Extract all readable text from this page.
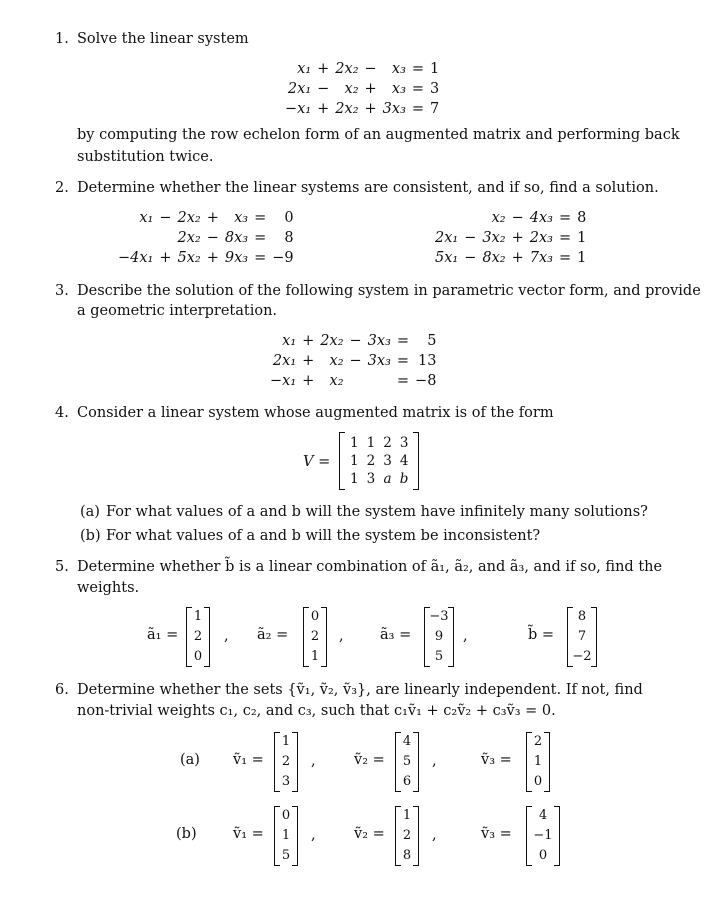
1. Solve the linear system
x₁	+	2x₂	−	x₃	=	1
2x₁	−	x₂	+	x₃	=	3
−x₁	+	2x₂	+	3x₃	=	7
by computing the row echelon form of an augmented matrix and performing back
substitution twice.
2. Determine whether the linear systems are consistent, and if so, find a solution.
x₁	−	2x₂	+	x₃	=	0
		2x₂	−	8x₃	=	8
−4x₁	+	5x₂	+	9x₃	=	−9
		x₂	−	4x₃	=	8
2x₁	−	3x₂	+	2x₃	=	1
5x₁	−	8x₂	+	7x₃	=	1
3. Describe the solution of the following system in parametric vector form, and provide
a geometric interpretation.
x₁	+	2x₂	−	3x₃	=	5
2x₁	+	x₂	−	3x₃	=	13
−x₁	+	x₂			=	−8
4. Consider a linear system whose augmented matrix is of the form
V =
1	1	2	3
1	2	3	4
1	3	a	b
(a) For what values of a and b will the system have infinitely many solutions?
(b) For what values of a and b will the system be inconsistent?
5. Determine whether b̃ is a linear combination of ã₁, ã₂, and ã₃, and if so, find the
weights.
ã₁ =
1
2
0
, ã₂ =
0
2
1
,	ã₃ =
−3
9
5
,	b̃ =
8
7
−2
6. Determine whether the sets {ṽ₁, ṽ₂, ṽ₃}, are linearly independent. If not, find
non-trivial weights c₁, c₂, and c₃, such that c₁ṽ₁ + c₂ṽ₂ + c₃ṽ₃ = 0.
(a) ṽ₁ =
1
2
3
,	ṽ₂ =
4
5
6
,	ṽ₃ =
2
1
0
(b)	ṽ₁ =
0
1
5
,	ṽ₂ =
1
2
8
,	ṽ₃ =
4
−1
0
